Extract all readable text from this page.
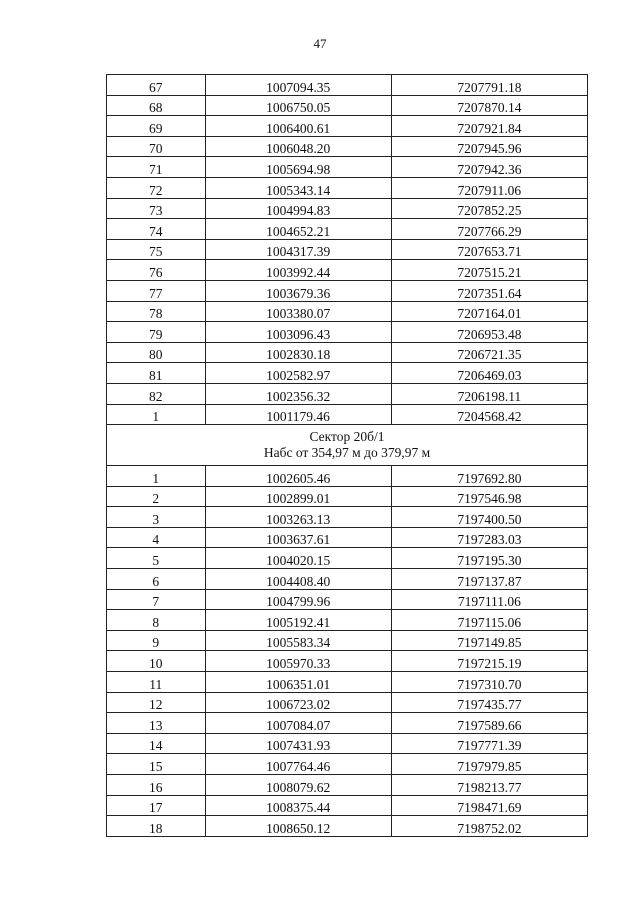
47
67	1007094.35	7207791.18
68	1006750.05	7207870.14
69	1006400.61	7207921.84
70	1006048.20	7207945.96
71	1005694.98	7207942.36
72	1005343.14	7207911.06
73	1004994.83	7207852.25
74	1004652.21	7207766.29
75	1004317.39	7207653.71
76	1003992.44	7207515.21
77	1003679.36	7207351.64
78	1003380.07	7207164.01
79	1003096.43	7206953.48
80	1002830.18	7206721.35
81	1002582.97	7206469.03
82	1002356.32	7206198.11
1	1001179.46	7204568.42

Сектор 20б/1
Набс от 354,97 м до 379,97 м		

1	1002605.46	7197692.80
2	1002899.01	7197546.98
3	1003263.13	7197400.50
4	1003637.61	7197283.03
5	1004020.15	7197195.30
6	1004408.40	7197137.87
7	1004799.96	7197111.06
8	1005192.41	7197115.06
9	1005583.34	7197149.85
10	1005970.33	7197215.19
11	1006351.01	7197310.70
12	1006723.02	7197435.77
13	1007084.07	7197589.66
14	1007431.93	7197771.39
15	1007764.46	7197979.85
16	1008079.62	7198213.77
17	1008375.44	7198471.69
18	1008650.12	7198752.02
